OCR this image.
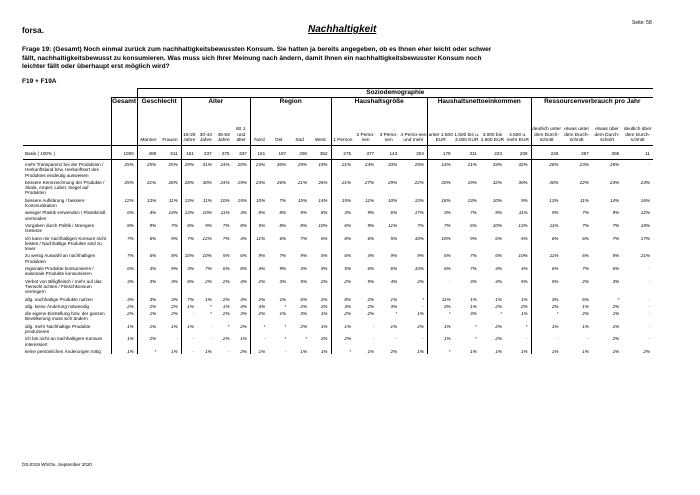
Seite: 58
forsa.	Nachhaltigkeit
Frage 19: (Gesamt) Noch einmal zurück zum nachhaltigkeitsbewussten Konsum. Sie hatten ja bereits angegeben, ob es Ihnen eher leicht oder schwer fällt, nachhaltigkeitsbewusst zu konsumieren. Was muss sich Ihrer Meinung nach ändern, damit Ihnen ein nachhaltigkeitsbewusster Konsum noch leichter fällt oder überhaupt erst möglich wird?
F19 + F19A
		Soziodemographie																					
	Gesamt	Geschlecht		Alter				Region				Haushaltsgröße				Haushaltsnettoeinkommen				Ressourcenverbrauch pro Jahr			
		Männer	Frauen	18-29 Jahre	30-44 Jahre	45-59 Jahre	60 J. und älter	Nord	Ost	Süd	West	1 Person	2 Perso-nen	3 Perso-nen	4 Perso-nen und mehr	unter 1.500 EUR	1.500 bis u. 3.000 EUR	3.000 bis 4.500 EUR	4.500 u. mehr EUR	deutlich unter dem Durch-schnitt	etwas unter dem Durch-schnitt	etwas über dem Durch-schnitt	deutlich über dem Durch-schnitt
Basis ( 100% )	1000	489	511	151	237	275	337	161	197	290	352	275	377	143	204	179	311	223	208	226	367	395	11
mehr Transparenz bei der Produktion / Herkunftsland bzw. Herkunftsort des Produktes eindeutig ausweisen	25%	25%	25%	29%	31%	24%	20%	24%	30%	29%	19%	21%	24%	33%	25%	14%	21%	34%	32%	28%	23%	26%	-
bessere Kennzeichnung der Produkte / Skala, Ampel, Label, Siegel auf Produkten	25%	21%	28%	28%	30%	24%	19%	24%	26%	21%	26%	21%	27%	29%	22%	20%	19%	32%	30%	30%	22%	24%	24%
bessere Aufklärung / bessere Kommunikation	12%	13%	11%	13%	11%	10%	15%	10%	7%	15%	14%	15%	11%	10%	13%	18%	13%	10%	9%	13%	11%	14%	16%
weniger Plastik verwenden / Plastikmüll vermeiden	6%	4%	13%	13%	10%	11%	3%	8%	8%	9%	8%	3%	9%	6%	17%	3%	7%	9%	11%	9%	7%	9%	12%
Vorgaben durch Politik / strengere Gesetze	8%	9%	7%	8%	9%	7%	8%	5%	8%	8%	10%	6%	9%	11%	7%	7%	6%	10%	13%	11%	7%	7%	18%
ich kann mir nachhaltigen Konsum nicht leisten / Nachhaltige Produkte sind zu teuer	7%	6%	9%	7%	12%	7%	4%	11%	6%	7%	6%	8%	6%	5%	10%	10%	9%	6%	5%	6%	6%	7%	17%
zu wenig Auswahl an nachhaltigen Produkten	7%	6%	8%	10%	10%	5%	6%	9%	7%	9%	5%	6%	4%	9%	9%	6%	7%	6%	10%	11%	6%	5%	21%
regionale Produkte konsumieren / saisonale Produkte konsumieren	6%	3%	9%	3%	7%	6%	8%	4%	9%	3%	9%	5%	6%	6%	10%	6%	7%	4%	4%	6%	7%	6%	-
Verbot von Billigfleisch / mehr auf das Tierwohl achten / Fleischkonsum verringern	3%	3%	3%	8%	2%	2%	4%	2%	3%	5%	2%	2%	5%	4%	2%	-	3%	4%	5%	5%	2%	3%	-
allg. nachhaltige Produkte nutzen	3%	3%	3%	7%	1%	2%	4%	2%	1%	6%	2%	8%	2%	1%	*	11%	1%	1%	1%	3%	6%	*	-
allg. keine Änderung notwendig	2%	2%	2%	1%	*	1%	4%	4%	*	2%	2%	3%	2%	3%	-	3%	1%	2%	2%	2%	1%	2%	-
die eigene Einstellung bzw. der ganzen Bevölkerung muss sich ändern	2%	1%	2%	-	*	2%	3%	2%	1%	3%	1%	2%	2%	*	1%	*	3%	*	1%	*	2%	1%	-
allg. mehr Nachhaltige Produkte produzieren	1%	1%	1%	1%	-	*	2%	*	*	2%	1%	1%	-	1%	2%	1%	*	2%	*	1%	1%	1%	-
ich bin nicht an nachhaltigem Konsum interessiert	1%	2%	-	-	-	2%	1%	-	*	*	2%	2%	-	-	-	1%	*	2%	-	-	-	2%	-
keine persönlichen Änderungen nötig	1%	*	1%	-	1%	-	2%	1%	-	1%	1%	*	1%	2%	1%	*	1%	1%	1%	1%	1%	1%	2%
f20.0319 Wh/Ou, September 2020
